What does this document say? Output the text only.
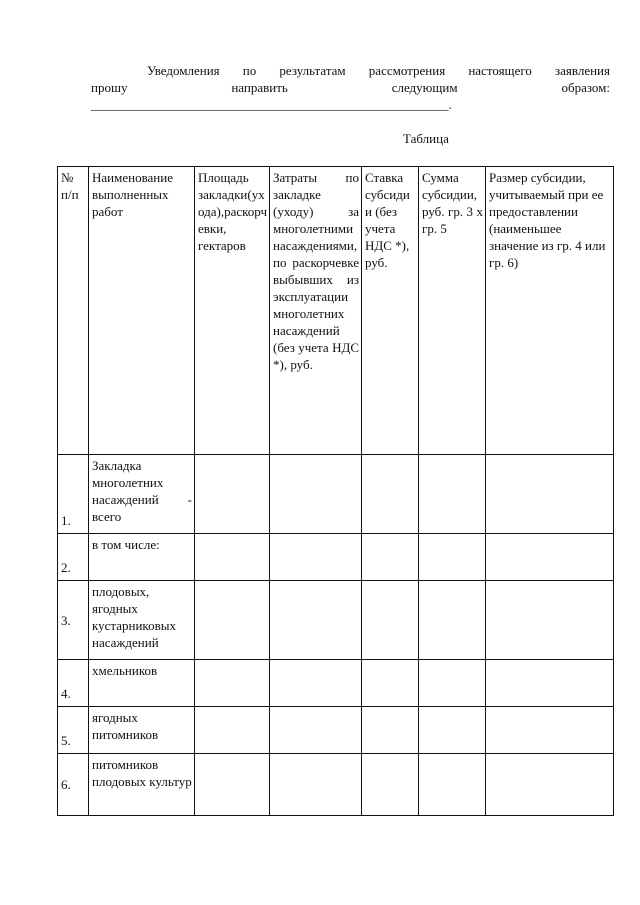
Уведомления по результатам рассмотрения настоящего заявления
прошу направить следующим образом:
_______________________________________________________.
Таблица
№ п/п	Наименование выполненных работ	Площадь закладки(ухода),раскорчевки, гектаров	Затраты по закладке (уходу) за многолетними насаждениями, по раскорчевке выбывших из эксплуатации многолетних насаждений (без учета НДС *), руб.	Ставка субсидии (без учета НДС *), руб.	Сумма субсидии, руб. гр. 3 x гр. 5	Размер субсидии, учитываемый при ее предоставлении (наименьшее значение из гр. 4 или гр. 6)
1.	Закладка многолетних насаждений - всего					
2.	в том числе:					
3.	плодовых, ягодных кустарниковых насаждений					
4.	хмельников					
5.	ягодных питомников					
6.	питомников плодовых культур					
